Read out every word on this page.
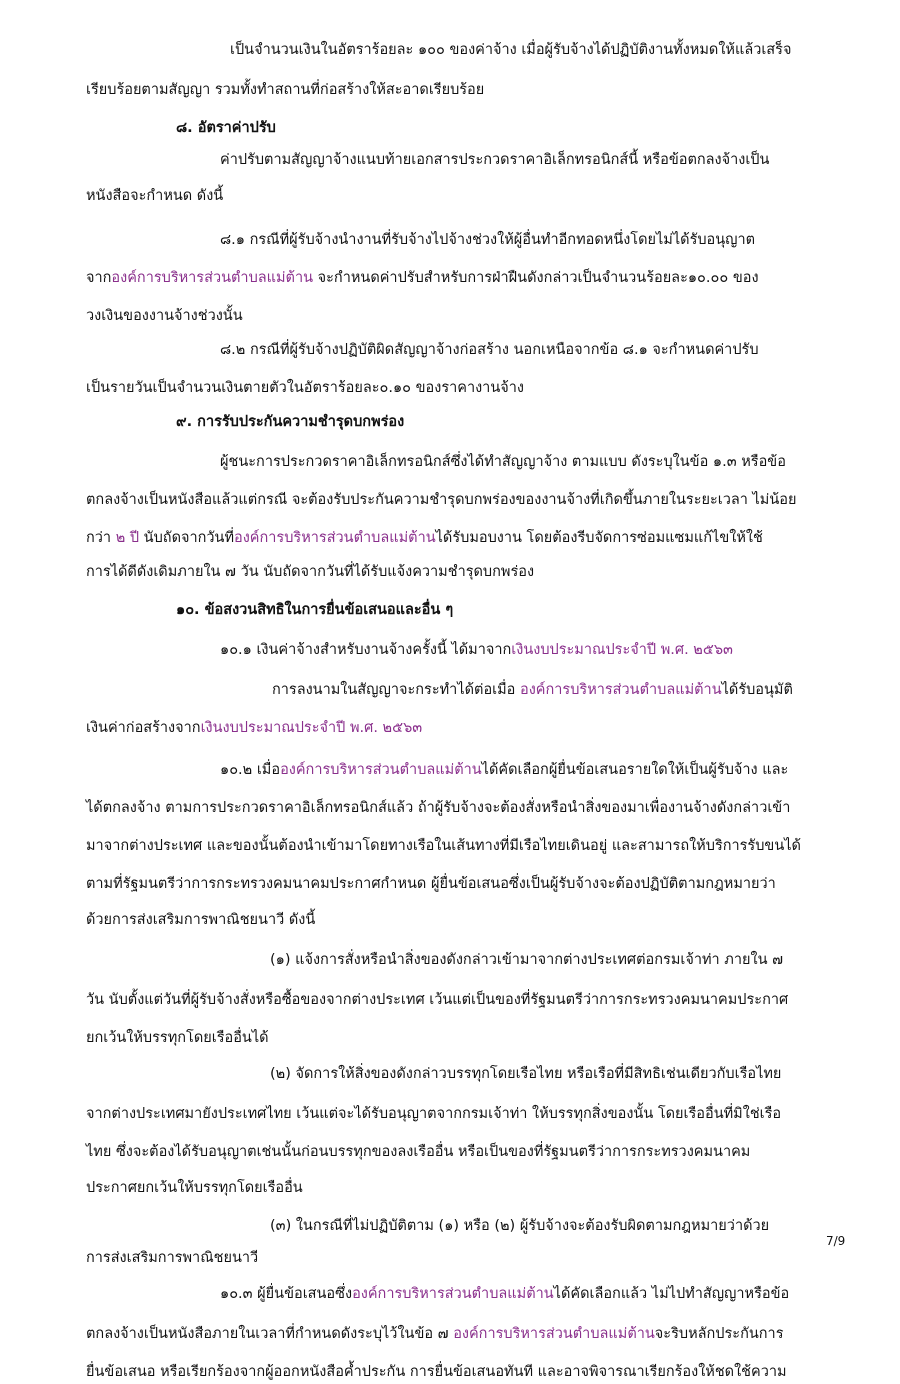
เป็นจำนวนเงินในอัตราร้อยละ ๑๐๐ ของค่าจ้าง เมื่อผู้รับจ้างได้ปฏิบัติงานทั้งหมดให้แล้วเสร็จ
เรียบร้อยตามสัญญา รวมทั้งทำสถานที่ก่อสร้างให้สะอาดเรียบร้อย
๘. อัตราค่าปรับ
ค่าปรับตามสัญญาจ้างแนบท้ายเอกสารประกวดราคาอิเล็กทรอนิกส์นี้ หรือข้อตกลงจ้างเป็น
หนังสือจะกำหนด ดังนี้
๘.๑ กรณีที่ผู้รับจ้างนำงานที่รับจ้างไปจ้างช่วงให้ผู้อื่นทำอีกทอดหนึ่งโดยไม่ได้รับอนุญาต
จากองค์การบริหารส่วนตำบลแม่ต้าน จะกำหนดค่าปรับสำหรับการฝ่าฝืนดังกล่าวเป็นจำนวนร้อยละ๑๐.๐๐ ของ
วงเงินของงานจ้างช่วงนั้น
๘.๒ กรณีที่ผู้รับจ้างปฏิบัติผิดสัญญาจ้างก่อสร้าง นอกเหนือจากข้อ ๘.๑ จะกำหนดค่าปรับ
เป็นรายวันเป็นจำนวนเงินตายตัวในอัตราร้อยละ๐.๑๐ ของราคางานจ้าง
๙. การรับประกันความชำรุดบกพร่อง
ผู้ชนะการประกวดราคาอิเล็กทรอนิกส์ซึ่งได้ทำสัญญาจ้าง ตามแบบ ดังระบุในข้อ ๑.๓ หรือข้อ
ตกลงจ้างเป็นหนังสือแล้วแต่กรณี จะต้องรับประกันความชำรุดบกพร่องของงานจ้างที่เกิดขึ้นภายในระยะเวลา ไม่น้อย
กว่า ๒ ปี นับถัดจากวันที่องค์การบริหารส่วนตำบลแม่ต้านได้รับมอบงาน โดยต้องรีบจัดการซ่อมแซมแก้ไขให้ใช้
การได้ดีดังเดิมภายใน ๗ วัน นับถัดจากวันที่ได้รับแจ้งความชำรุดบกพร่อง
๑๐. ข้อสงวนสิทธิในการยื่นข้อเสนอและอื่น ๆ
๑๐.๑ เงินค่าจ้างสำหรับงานจ้างครั้งนี้ ได้มาจากเงินงบประมาณประจำปี พ.ศ. ๒๕๖๓
การลงนามในสัญญาจะกระทำได้ต่อเมื่อ องค์การบริหารส่วนตำบลแม่ต้านได้รับอนุมัติ
เงินค่าก่อสร้างจากเงินงบประมาณประจำปี พ.ศ. ๒๕๖๓
๑๐.๒ เมื่อองค์การบริหารส่วนตำบลแม่ต้านได้คัดเลือกผู้ยื่นข้อเสนอรายใดให้เป็นผู้รับจ้าง และ
ได้ตกลงจ้าง ตามการประกวดราคาอิเล็กทรอนิกส์แล้ว ถ้าผู้รับจ้างจะต้องสั่งหรือนำสิ่งของมาเพื่องานจ้างดังกล่าวเข้า
มาจากต่างประเทศ และของนั้นต้องนำเข้ามาโดยทางเรือในเส้นทางที่มีเรือไทยเดินอยู่ และสามารถให้บริการรับขนได้
ตามที่รัฐมนตรีว่าการกระทรวงคมนาคมประกาศกำหนด ผู้ยื่นข้อเสนอซึ่งเป็นผู้รับจ้างจะต้องปฏิบัติตามกฎหมายว่า
ด้วยการส่งเสริมการพาณิชยนาวี ดังนี้
(๑) แจ้งการสั่งหรือนำสิ่งของดังกล่าวเข้ามาจากต่างประเทศต่อกรมเจ้าท่า ภายใน ๗
วัน นับตั้งแต่วันที่ผู้รับจ้างสั่งหรือซื้อของจากต่างประเทศ เว้นแต่เป็นของที่รัฐมนตรีว่าการกระทรวงคมนาคมประกาศ
ยกเว้นให้บรรทุกโดยเรืออื่นได้
(๒) จัดการให้สิ่งของดังกล่าวบรรทุกโดยเรือไทย หรือเรือที่มีสิทธิเช่นเดียวกับเรือไทย
จากต่างประเทศมายังประเทศไทย เว้นแต่จะได้รับอนุญาตจากกรมเจ้าท่า ให้บรรทุกสิ่งของนั้น โดยเรืออื่นที่มิใช่เรือ
ไทย ซึ่งจะต้องได้รับอนุญาตเช่นนั้นก่อนบรรทุกของลงเรืออื่น หรือเป็นของที่รัฐมนตรีว่าการกระทรวงคมนาคม
ประกาศยกเว้นให้บรรทุกโดยเรืออื่น
(๓) ในกรณีที่ไม่ปฏิบัติตาม (๑) หรือ (๒) ผู้รับจ้างจะต้องรับผิดตามกฎหมายว่าด้วย
การส่งเสริมการพาณิชยนาวี
๑๐.๓ ผู้ยื่นข้อเสนอซึ่งองค์การบริหารส่วนตำบลแม่ต้านได้คัดเลือกแล้ว ไม่ไปทำสัญญาหรือข้อ
ตกลงจ้างเป็นหนังสือภายในเวลาที่กำหนดดังระบุไว้ในข้อ ๗ องค์การบริหารส่วนตำบลแม่ต้านจะริบหลักประกันการ
ยื่นข้อเสนอ หรือเรียกร้องจากผู้ออกหนังสือค้ำประกัน การยื่นข้อเสนอทันที และอาจพิจารณาเรียกร้องให้ชดใช้ความ
7/9
